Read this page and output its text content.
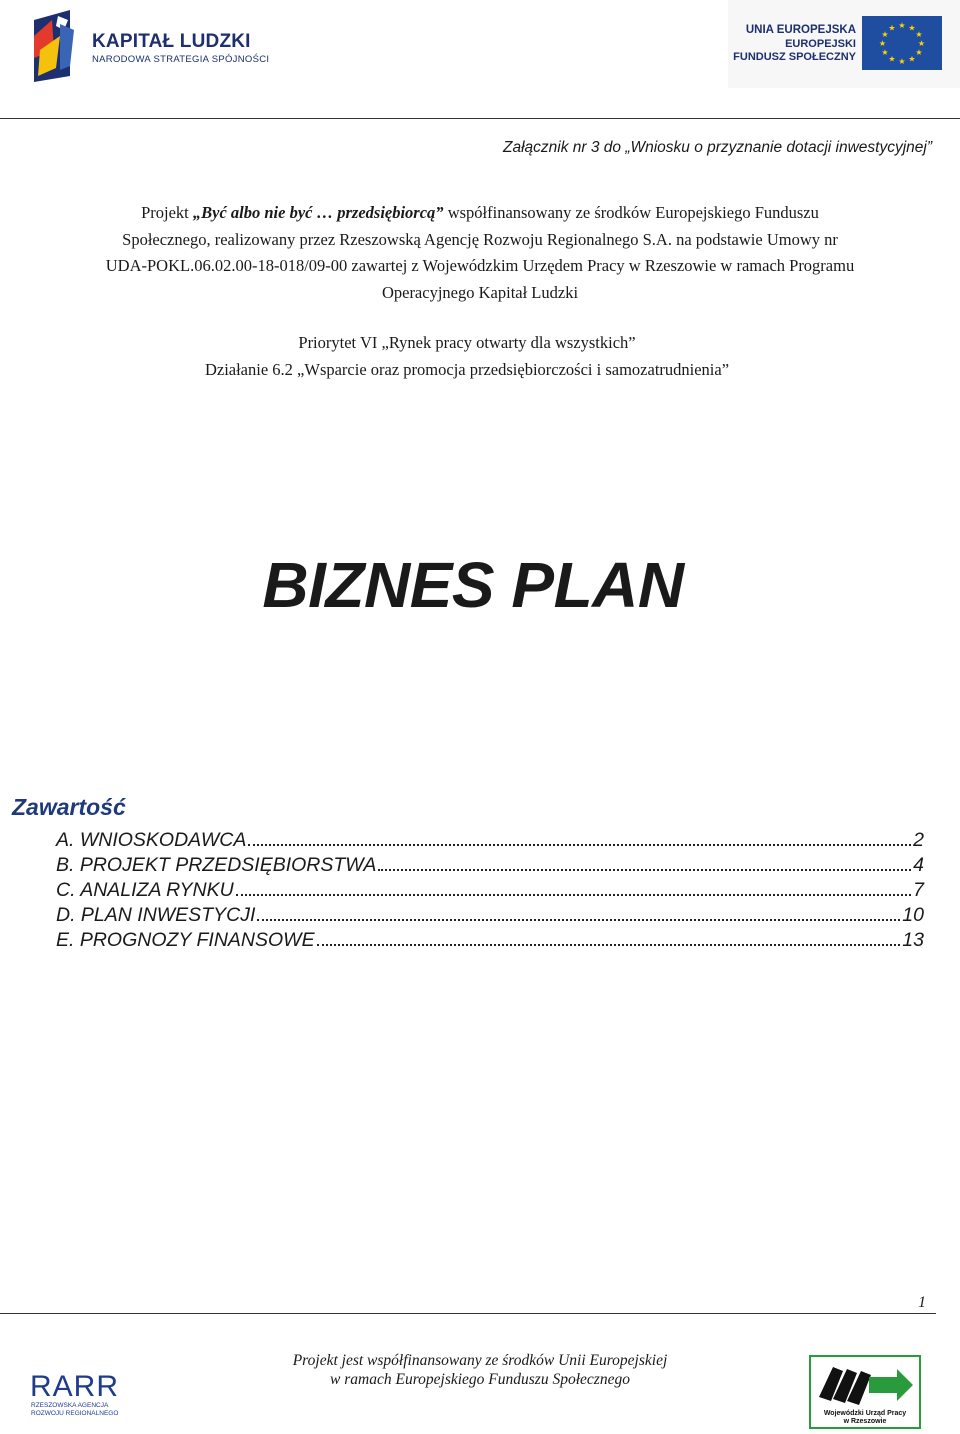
KAPITAŁ LUDZKI
NARODOWA STRATEGIA SPÓJNOŚCI
UNIA EUROPEJSKA
EUROPEJSKI
FUNDUSZ SPOŁECZNY
★ ★
★
★
★
★
★
★
★
★
★
★
Załącznik nr 3 do „Wniosku o przyznanie dotacji inwestycyjnej”
Projekt „Być albo nie być … przedsiębiorcą” współfinansowany ze środków Europejskiego Funduszu
Społecznego, realizowany przez Rzeszowską Agencję Rozwoju Regionalnego S.A. na podstawie Umowy nr
UDA-POKL.06.02.00-18-018/09-00 zawartej z Wojewódzkim Urzędem Pracy w Rzeszowie w ramach Programu
Operacyjnego Kapitał Ludzki
Priorytet VI „Rynek pracy otwarty dla wszystkich”
Działanie 6.2 „Wsparcie oraz promocja przedsiębiorczości i samozatrudnienia”
BIZNES PLAN
Zawartość
A. WNIOSKODAWCA	2
B. PROJEKT PRZEDSIĘBIORSTWA	4
C. ANALIZA RYNKU	7
D. PLAN INWESTYCJI	10
E. PROGNOZY FINANSOWE	13
1
Projekt jest współfinansowany ze środków Unii Europejskiej
w ramach Europejskiego Funduszu Społecznego
RARR
RZESZOWSKA AGENCJA
ROZWOJU REGIONALNEGO	Wojewódzki Urząd Pracy
w Rzeszowie
